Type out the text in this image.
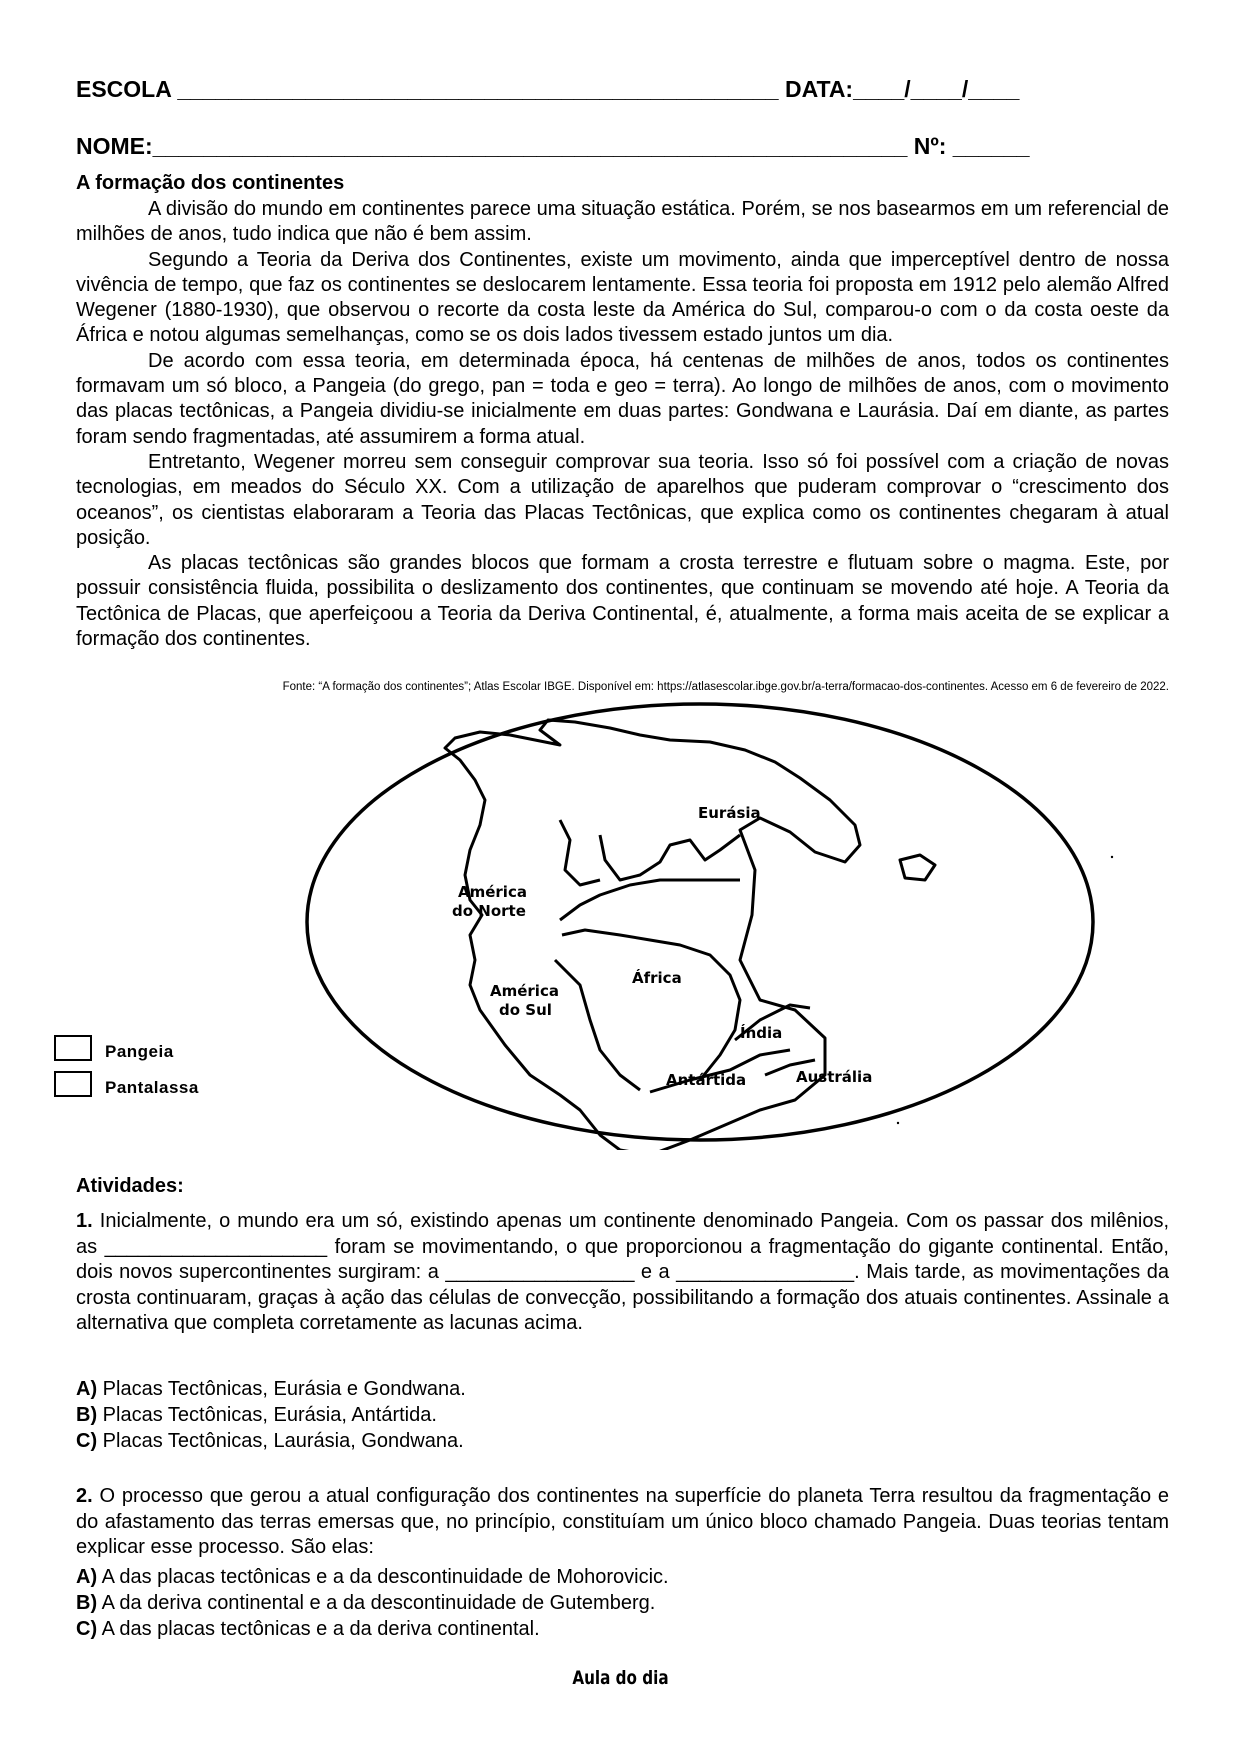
ESCOLA _______________________________________________ DATA:____/____/____
NOME:___________________________________________________________ Nº: ______
A formação dos continentes

A divisão do mundo em continentes parece uma situação estática. Porém, se nos basearmos em um referencial de milhões de anos, tudo indica que não é bem assim.

Segundo a Teoria da Deriva dos Continentes, existe um movimento, ainda que imperceptível dentro de nossa vivência de tempo, que faz os continentes se deslocarem lentamente. Essa teoria foi proposta em 1912 pelo alemão Alfred Wegener (1880-1930), que observou o recorte da costa leste da América do Sul, comparou-o com o da costa oeste da África e notou algumas semelhanças, como se os dois lados tivessem estado juntos um dia.

De acordo com essa teoria, em determinada época, há centenas de milhões de anos, todos os continentes formavam um só bloco, a Pangeia (do grego, pan = toda e geo = terra). Ao longo de milhões de anos, com o movimento das placas tectônicas, a Pangeia dividiu-se inicialmente em duas partes: Gondwana e Laurásia. Daí em diante, as partes foram sendo fragmentadas, até assumirem a forma atual.

Entretanto, Wegener morreu sem conseguir comprovar sua teoria. Isso só foi possível com a criação de novas tecnologias, em meados do Século XX. Com a utilização de aparelhos que puderam comprovar o “crescimento dos oceanos”, os cientistas elaboraram a Teoria das Placas Tectônicas, que explica como os continentes chegaram à atual posição.

As placas tectônicas são grandes blocos que formam a crosta terrestre e flutuam sobre o magma. Este, por possuir consistência fluida, possibilita o deslizamento dos continentes, que continuam se movendo até hoje. A Teoria da Tectônica de Placas, que aperfeiçoou a Teoria da Deriva Continental, é, atualmente, a forma mais aceita de se explicar a formação dos continentes.

Fonte: “A formação dos continentes”; Atlas Escolar IBGE. Disponível em: https://atlasescolar.ibge.gov.br/a-terra/formacao-dos-continentes. Acesso em 6 de fevereiro de 2022.
Eurásia
América
do Norte
África
América
do Sul
Índia
Antártida	Austrália
Pangeia
Pantalassa
Atividades:
1. Inicialmente, o mundo era um só, existindo apenas um continente denominado Pangeia. Com os passar dos milênios, as ____________________ foram se movimentando, o que proporcionou a fragmentação do gigante continental. Então, dois novos supercontinentes surgiram: a _________________ e a ________________. Mais tarde, as movimentações da crosta continuaram, graças à ação das células de convecção, possibilitando a formação dos atuais continentes. Assinale a alternativa que completa corretamente as lacunas acima.
A) Placas Tectônicas, Eurásia e Gondwana.
B) Placas Tectônicas, Eurásia, Antártida.
C) Placas Tectônicas, Laurásia, Gondwana.
2. O processo que gerou a atual configuração dos continentes na superfície do planeta Terra resultou da fragmentação e do afastamento das terras emersas que, no princípio, constituíam um único bloco chamado Pangeia. Duas teorias tentam explicar esse processo. São elas:
A) A das placas tectônicas e a da descontinuidade de Mohorovicic.
B) A da deriva continental e a da descontinuidade de Gutemberg.
C) A das placas tectônicas e a da deriva continental.
Aula do dia
